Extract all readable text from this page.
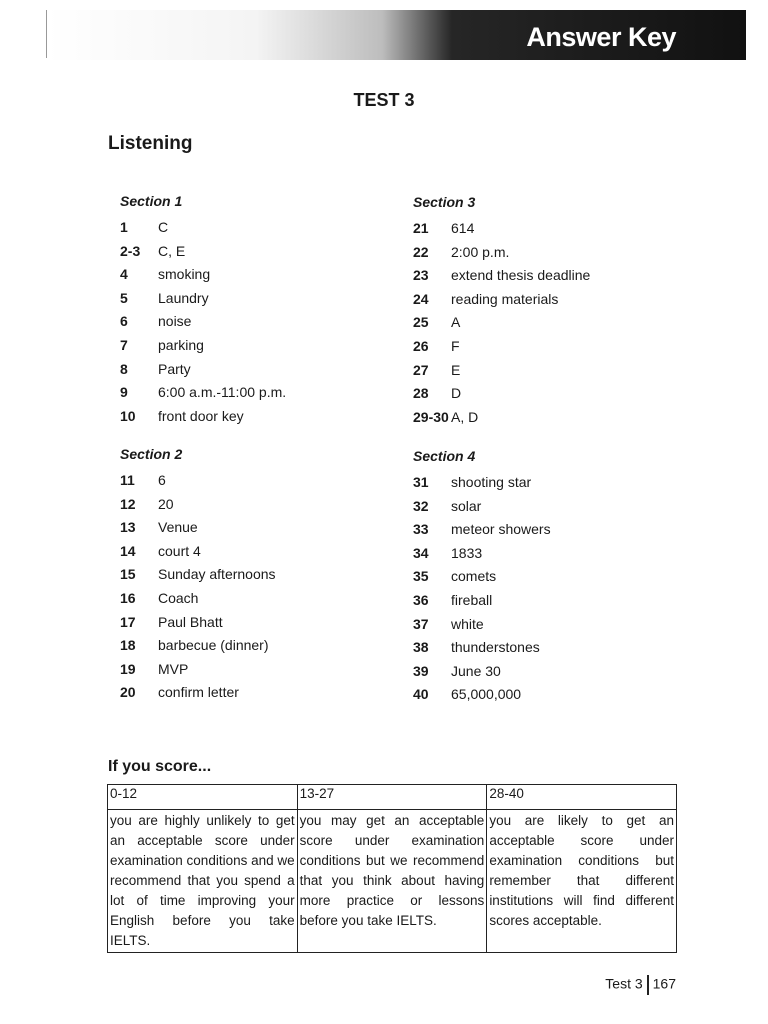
Answer Key
TEST 3
Listening
Section 1
1	C
2-3	C, E
4	smoking
5	Laundry
6	noise
7	parking
8	Party
9	6:00 a.m.-11:00 p.m.
10	front door key
Section 2
11	6
12	20
13	Venue
14	court 4
15	Sunday afternoons
16	Coach
17	Paul Bhatt
18	barbecue (dinner)
19	MVP
20	confirm letter
Section 3
21	614
22	2:00 p.m.
23	extend thesis deadline
24	reading materials
25	A
26	F
27	E
28	D
29-30 A, D
Section 4
31	shooting star
32	solar
33	meteor showers
34	1833
35	comets
36	fireball
37	white
38	thunderstones
39	June 30
40	65,000,000
If you score...
0-12	13-27	28-40
you are highly unlikely to get an acceptable score under examination conditions and we recommend that you spend a lot of time improving your English before you take IELTS.	you may get an acceptable score under examination conditions but we recommend that you think about having more practice or lessons before you take IELTS.	you are likely to get an acceptable score under examination conditions but remember that different institutions will find different scores acceptable.
Test 3 167
